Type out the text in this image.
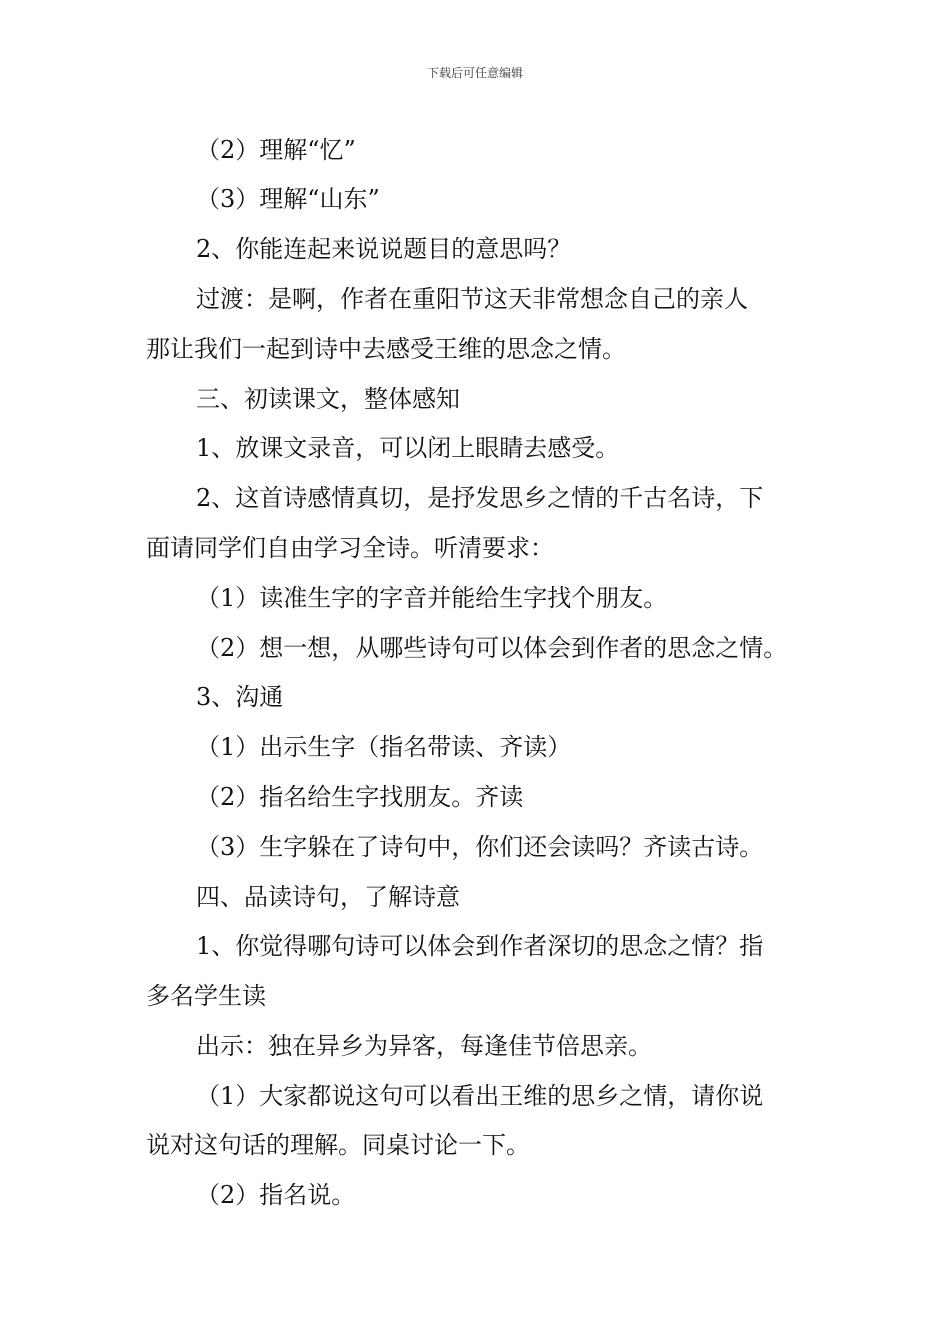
下载后可任意编辑
（2）理解“忆”
（3）理解“山东”
2、你能连起来说说题目的意思吗？
过渡：是啊，作者在重阳节这天非常想念自己的亲人
那让我们一起到诗中去感受王维的思念之情。
三、初读课文，整体感知
1、放课文录音，可以闭上眼睛去感受。
2、这首诗感情真切，是抒发思乡之情的千古名诗，下
面请同学们自由学习全诗。听清要求：
（1）读准生字的字音并能给生字找个朋友。
（2）想一想，从哪些诗句可以体会到作者的思念之情。
3、沟通
（1）出示生字（指名带读、齐读）
（2）指名给生字找朋友。齐读
（3）生字躲在了诗句中，你们还会读吗？齐读古诗。
四、品读诗句，了解诗意
1、你觉得哪句诗可以体会到作者深切的思念之情？指
多名学生读
出示：独在异乡为异客，每逢佳节倍思亲。
（1）大家都说这句可以看出王维的思乡之情，请你说
说对这句话的理解。同桌讨论一下。
（2）指名说。
